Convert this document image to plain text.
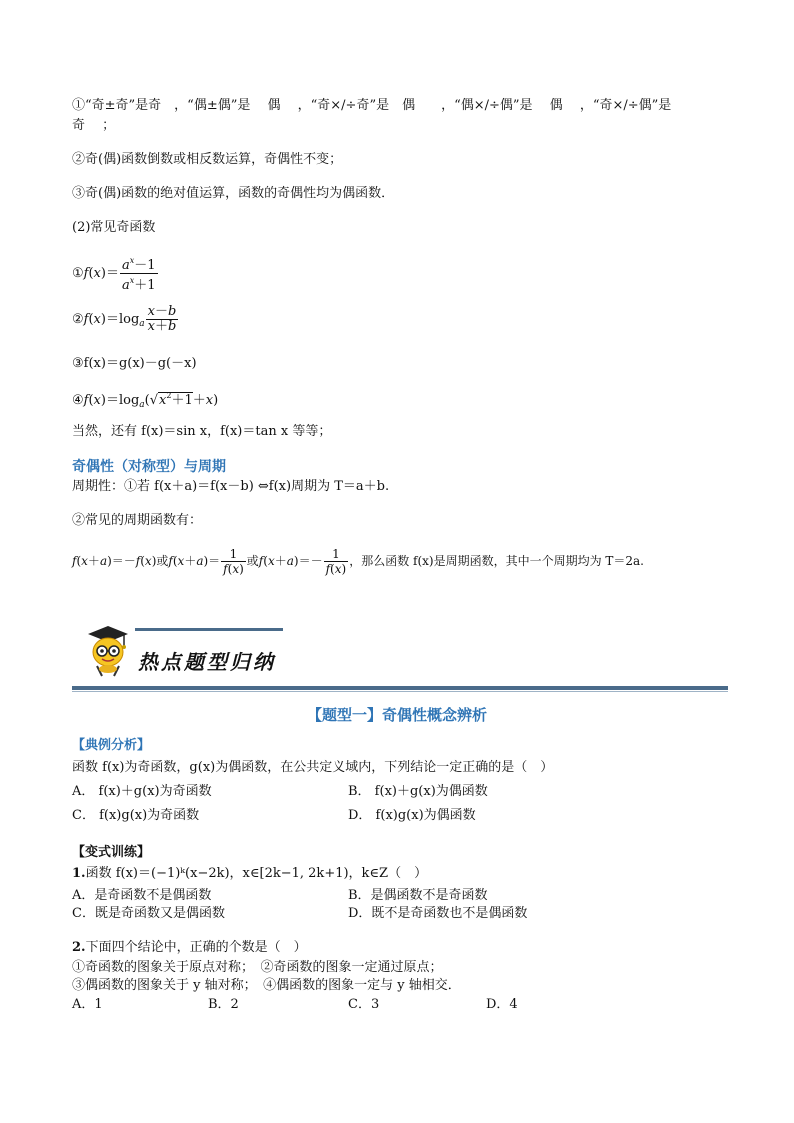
①“奇±奇”是奇　，“偶±偶”是　 偶　 ，“奇×/÷奇”是　偶　　，“偶×/÷偶”是　 偶　 ，“奇×/÷偶”是
奇　 ；
②奇(偶)函数倒数或相反数运算，奇偶性不变；
③奇(偶)函数的绝对值运算，函数的奇偶性均为偶函数．
(2)常见奇函数
①f(x)＝ $\frac{a^x-1}{a^x+1}$
$②f(x)=\log_a \frac{x-b}{x+b}$
③f(x)＝g(x)－g(－x)
$④f(x)=\log_a(√x^2+1+x)$
当然，还有 f(x)＝sin x，f(x)＝tan x 等等；
奇偶性（对称型）与周期
周期性：①若 f(x＋a)＝f(x－b) ⇔f(x)周期为 T＝a＋b.
②常见的周期函数有：
f(x＋a)＝－f(x)或$f(x+a)= \frac{1}{f(x)}$ 或$f(x+a)=- \frac{1}{f(x)}$ ，那么函数 f(x)是周期函数，其中一个周期均为 T＝2a.
热点题型归纳
【题型一】奇偶性概念辨析
【典例分析】
函数 f(x)为奇函数，g(x)为偶函数，在公共定义域内，下列结论一定正确的是（　）
A． f(x)＋g(x)为奇函数	B． f(x)＋g(x)为偶函数
C． f(x)g(x)为奇函数	D． f(x)g(x)为偶函数
【变式训练】
1.函数 f(x)＝(−1)ᵏ(x−2k)，x∈[2k−1, 2k+1)，k∈Z（　）
A．是奇函数不是偶函数	B．是偶函数不是奇函数
C．既是奇函数又是偶函数	D．既不是奇函数也不是偶函数
2.下面四个结论中，正确的个数是（　）
①奇函数的图象关于原点对称；　②奇函数的图象一定通过原点；
③偶函数的图象关于 y 轴对称；　④偶函数的图象一定与 y 轴相交．
A．1	B．2	C．3	D．4
